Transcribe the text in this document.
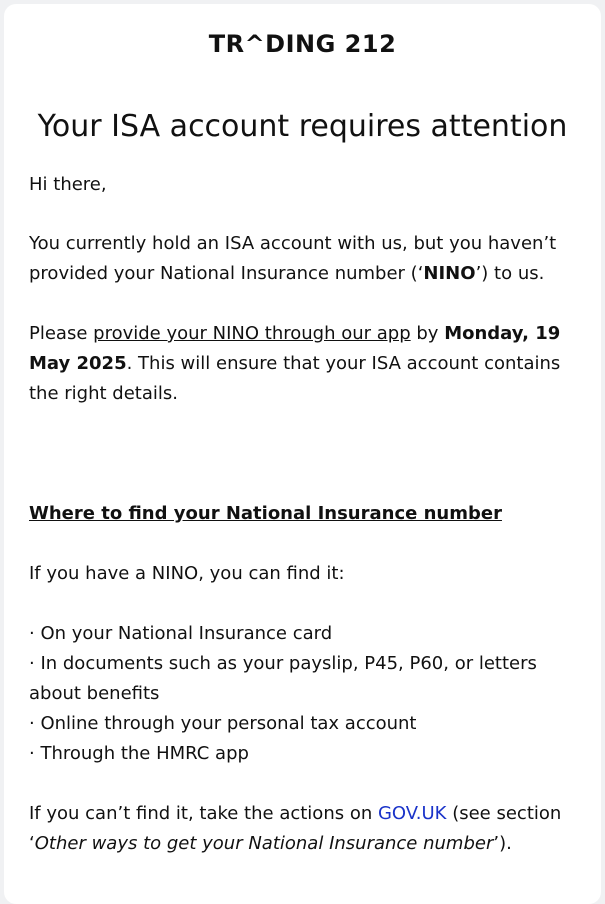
TR^DING 212
Your ISA account requires attention

Hi there,

You currently hold an ISA account with us, but you haven’t provided your National Insurance number (‘NINO’) to us.

Please provide your NINO through our app by Monday, 19 May 2025. This will ensure that your ISA account contains the right details.

Where to find your National Insurance number

If you have a NINO, you can find it:

· On your National Insurance card
· In documents such as your payslip, P45, P60, or letters about benefits
· Online through your personal tax account
· Through the HMRC app

If you can’t find it, take the actions on GOV.UK (see section ‘Other ways to get your National Insurance number’).
